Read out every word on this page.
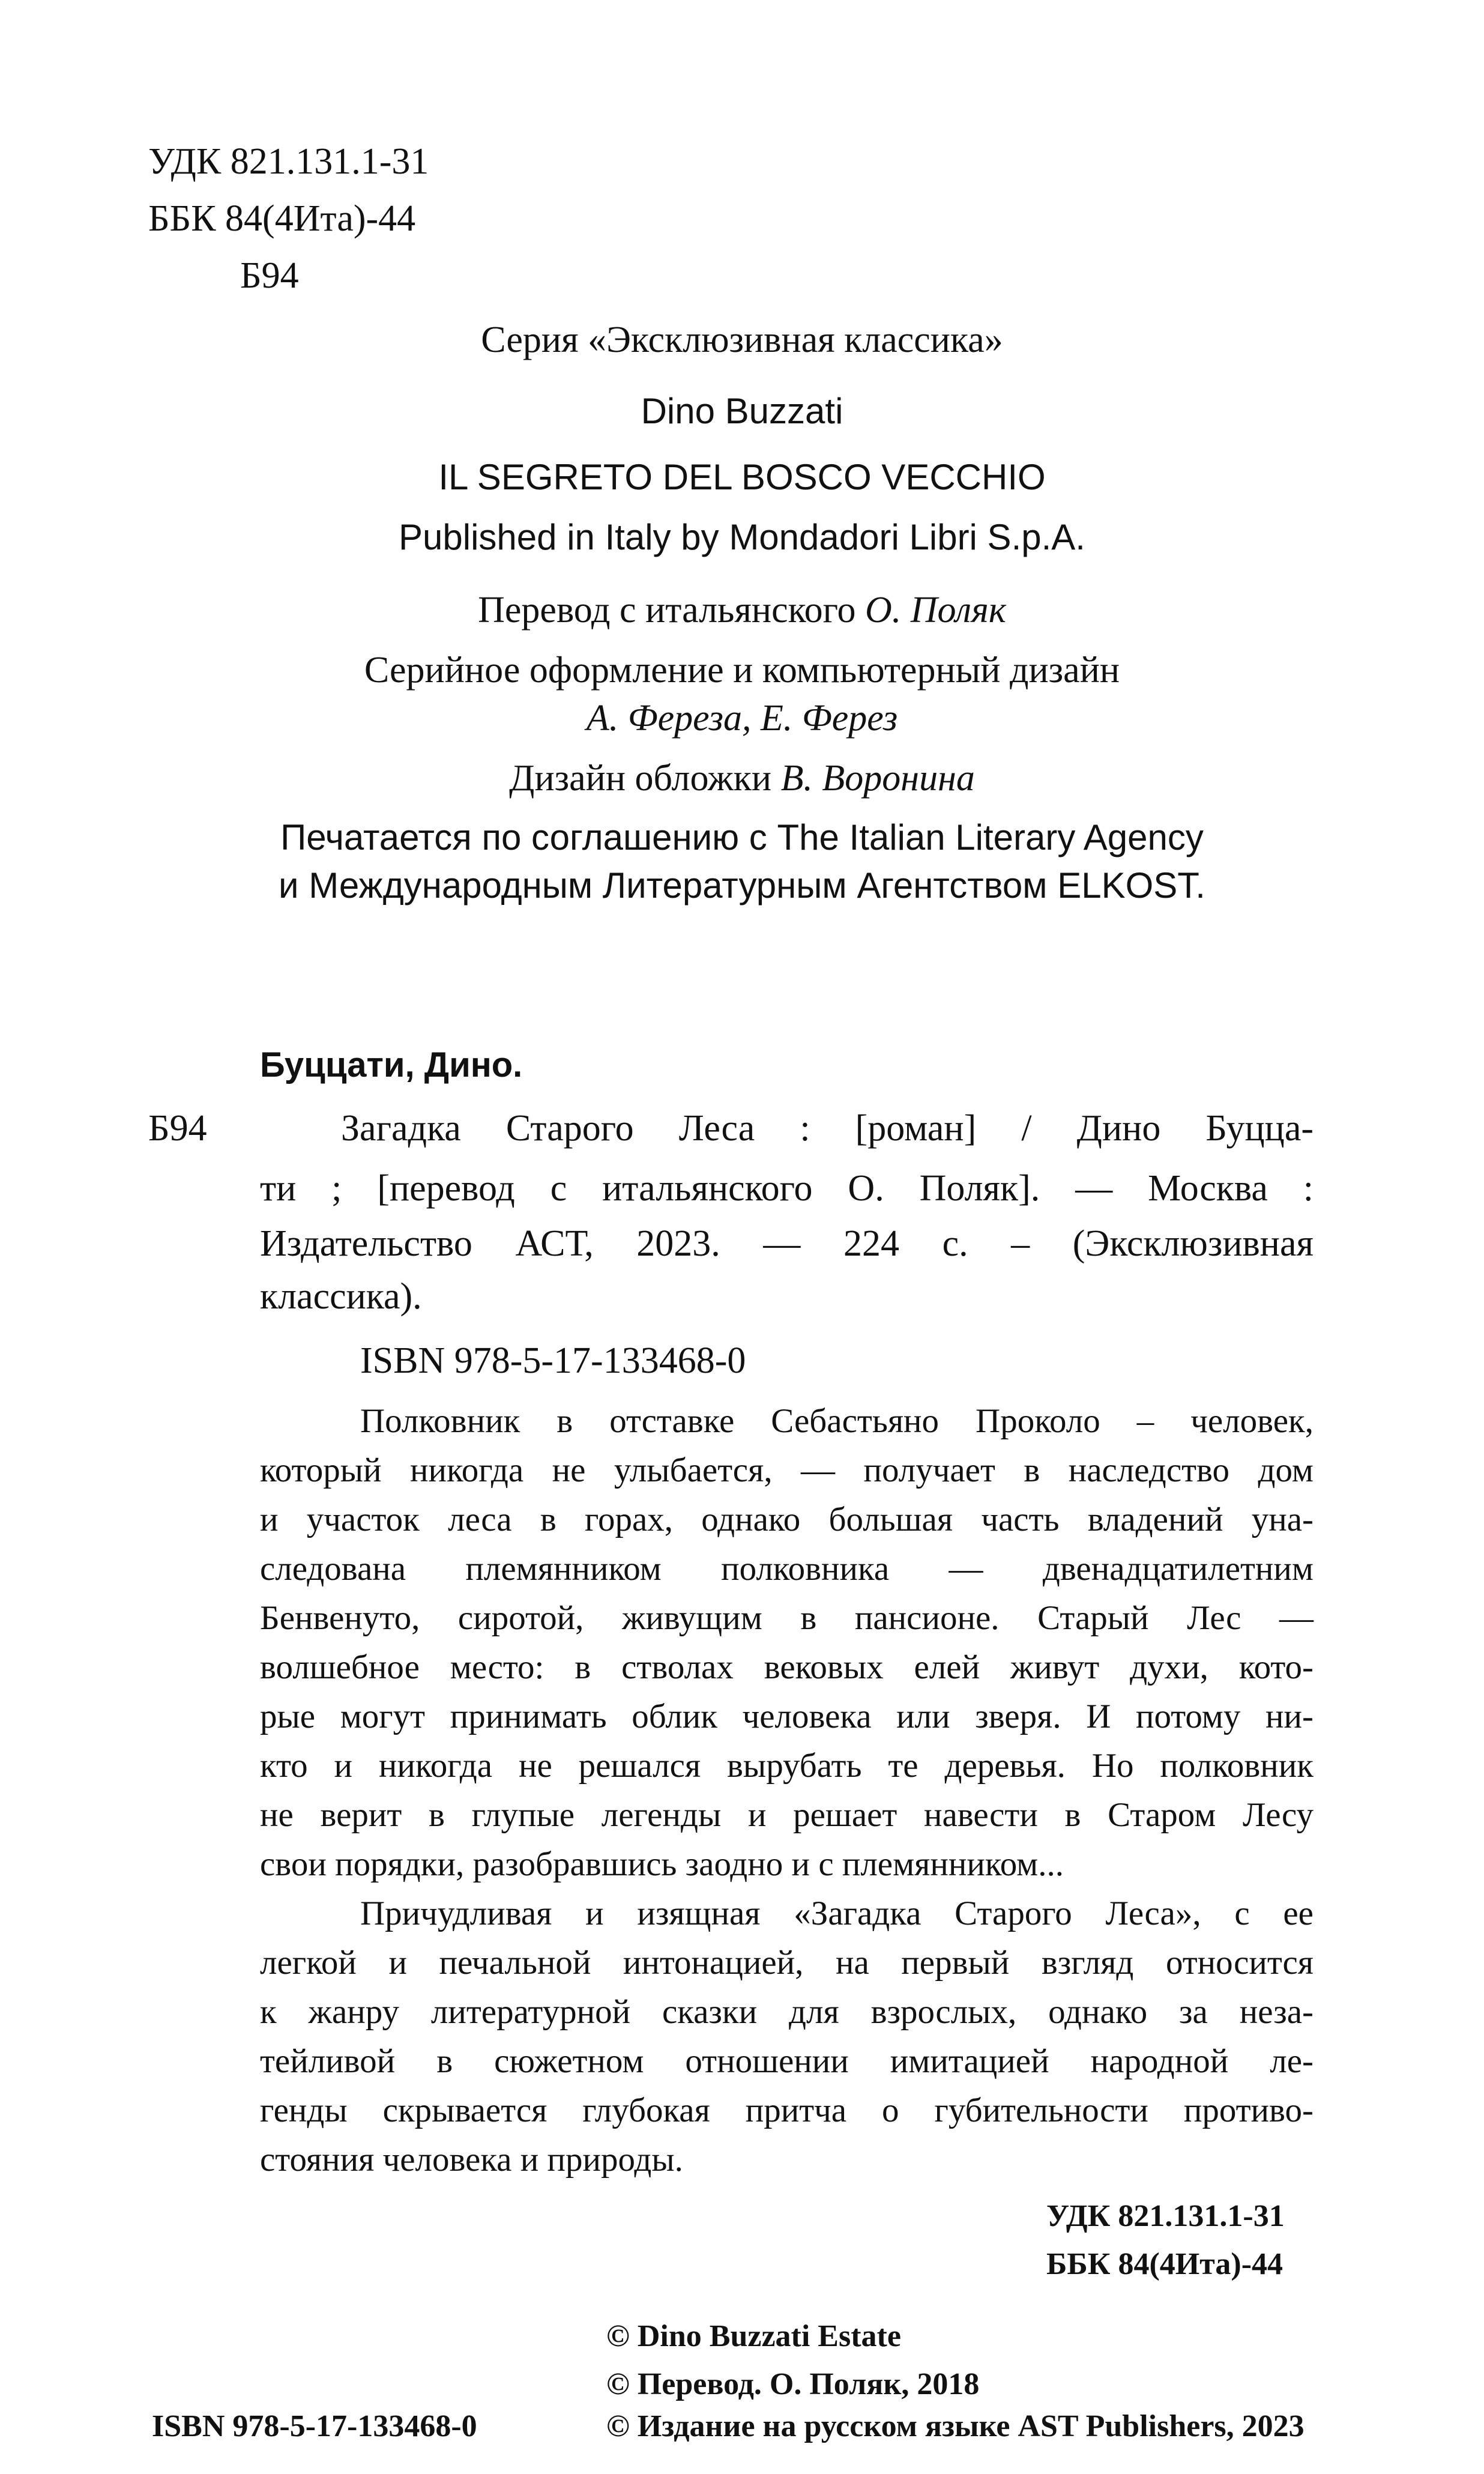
УДК 821.131.1-31
ББК 84(4Ита)-44
Б94
Серия «Эксклюзивная классика»
Dino Buzzati
IL SEGRETO DEL BOSCO VECCHIO
Published in Italy by Mondadori Libri S.p.A.
Перевод с итальянского О. Поляк
Серийное оформление и компьютерный дизайн
А. Фереза, Е. Ферез
Дизайн обложки В. Воронина
Печатается по соглашению с The Italian Literary Agency
и Международным Литературным Агентством ELKOST.
Буццати, Дино.
Б94	Загадка Старого Леса : [роман] / Дино Буцца-
ти ; [перевод с итальянского О. Поляк]. — Москва :
Издательство АСТ, 2023. — 224 с. – (Эксклюзивная
классика).
ISBN 978-5-17-133468-0
Полковник в отставке Себастьяно Проколо – человек,
который никогда не улыбается, — получает в наследство дом
и участок леса в горах, однако большая часть владений уна-
следована племянником полковника — двенадцатилетним
Бенвенуто, сиротой, живущим в пансионе. Старый Лес —
волшебное место: в стволах вековых елей живут духи, кото-
рые могут принимать облик человека или зверя. И потому ни-
кто и никогда не решался вырубать те деревья. Но полковник
не верит в глупые легенды и решает навести в Старом Лесу
свои порядки, разобравшись заодно и с племянником...
Причудливая и изящная «Загадка Старого Леса», с ее
легкой и печальной интонацией, на первый взгляд относится
к жанру литературной сказки для взрослых, однако за неза-
тейливой в сюжетном отношении имитацией народной ле-
генды скрывается глубокая притча о губительности противо-
стояния человека и природы.
УДК 821.131.1-31
ББК 84(4Ита)-44
© Dino Buzzati Estate
© Перевод. О. Поляк, 2018
ISBN 978-5-17-133468-0	© Издание на русском языке AST Publishers, 2023
